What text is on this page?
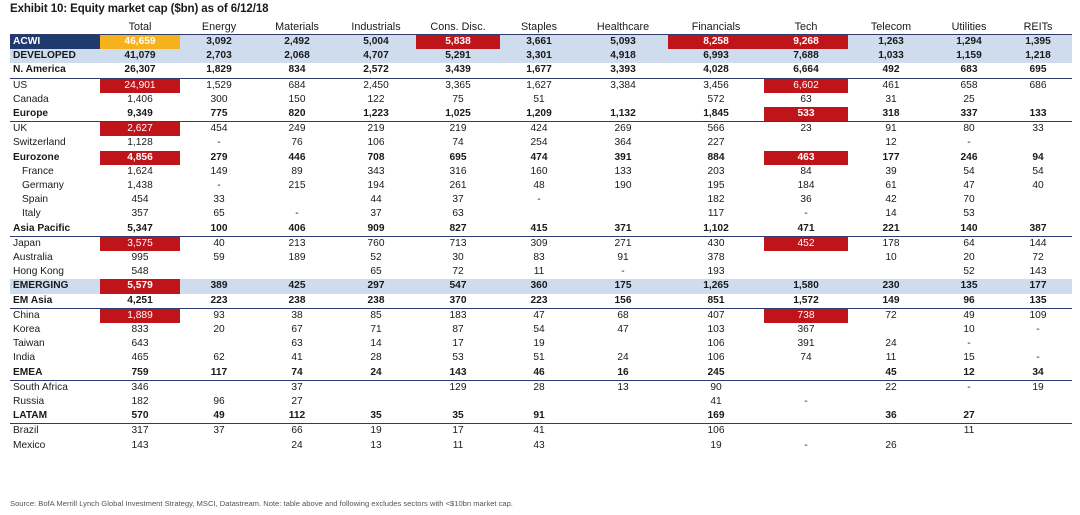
Exhibit 10: Equity market cap ($bn) as of 6/12/18
	Total	Energy	Materials	Industrials	Cons. Disc.	Staples	Healthcare	Financials	Tech	Telecom	Utilities	REITs
ACWI	46,659	3,092	2,492	5,004	5,838	3,661	5,093	8,258	9,268	1,263	1,294	1,395
DEVELOPED	41,079	2,703	2,068	4,707	5,291	3,301	4,918	6,993	7,688	1,033	1,159	1,218
N. America	26,307	1,829	834	2,572	3,439	1,677	3,393	4,028	6,664	492	683	695
US	24,901	1,529	684	2,450	3,365	1,627	3,384	3,456	6,602	461	658	686
Canada	1,406	300	150	122	75	51		572	63	31	25	
Europe	9,349	775	820	1,223	1,025	1,209	1,132	1,845	533	318	337	133
UK	2,627	454	249	219	219	424	269	566	23	91	80	33
Switzerland	1,128	-	76	106	74	254	364	227		12	-	
Eurozone	4,856	279	446	708	695	474	391	884	463	177	246	94
France	1,624	149	89	343	316	160	133	203	84	39	54	54
Germany	1,438	-	215	194	261	48	190	195	184	61	47	40
Spain	454	33		44	37	-		182	36	42	70	
Italy	357	65	-	37	63			117	-	14	53	
Asia Pacific	5,347	100	406	909	827	415	371	1,102	471	221	140	387
Japan	3,575	40	213	760	713	309	271	430	452	178	64	144
Australia	995	59	189	52	30	83	91	378		10	20	72
Hong Kong	548			65	72	11	-	193			52	143
EMERGING	5,579	389	425	297	547	360	175	1,265	1,580	230	135	177
EM Asia	4,251	223	238	238	370	223	156	851	1,572	149	96	135
China	1,889	93	38	85	183	47	68	407	738	72	49	109
Korea	833	20	67	71	87	54	47	103	367		10	-
Taiwan	643		63	14	17	19		106	391	24	-	
India	465	62	41	28	53	51	24	106	74	11	15	-
EMEA	759	117	74	24	143	46	16	245		45	12	34
South Africa	346		37		129	28	13	90		22	-	19
Russia	182	96	27					41	-			
LATAM	570	49	112	35	35	91		169		36	27	
Brazil	317	37	66	19	17	41		106			11	
Mexico	143		24	13	11	43		19	-	26		
Source: BofA Merrill Lynch Global Investment Strategy, MSCI, Datastream. Note: table above and following excludes sectors with <$10bn market cap.
